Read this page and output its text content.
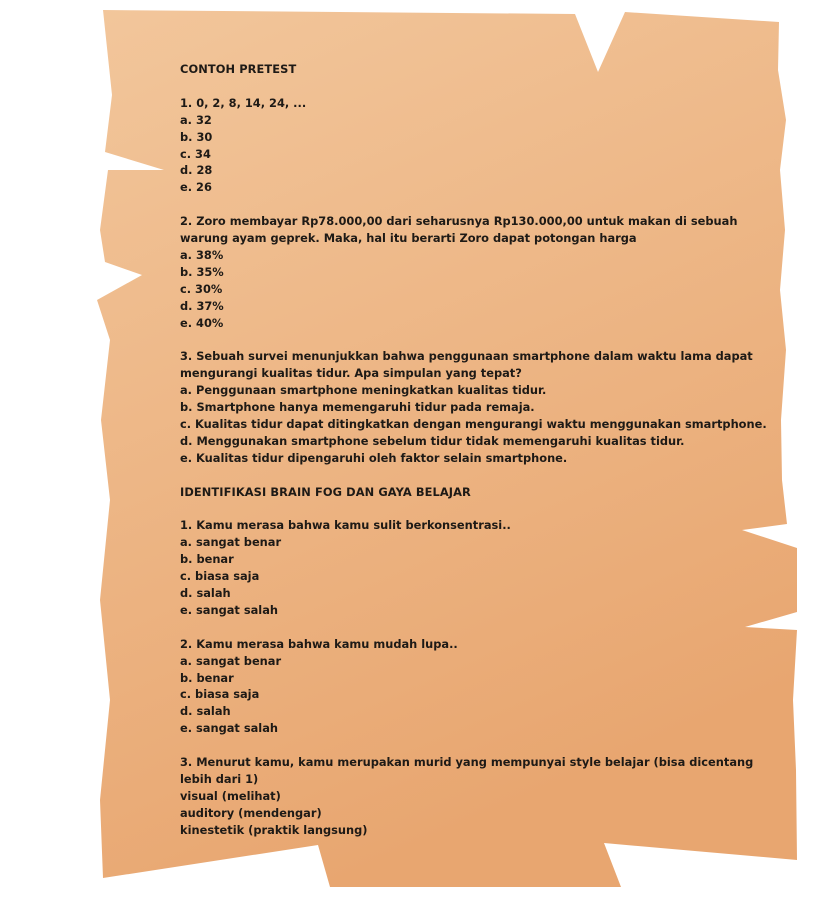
CONTOH PRETEST
1. 0, 2, 8, 14, 24, ...
a. 32
b. 30
c. 34
d. 28
e. 26
2. Zoro membayar Rp78.000,00 dari seharusnya Rp130.000,00 untuk makan di sebuah warung ayam geprek. Maka, hal itu berarti Zoro dapat potongan harga
a. 38%
b. 35%
c. 30%
d. 37%
e. 40%
3. Sebuah survei menunjukkan bahwa penggunaan smartphone dalam waktu lama dapat mengurangi kualitas tidur. Apa simpulan yang tepat?
a. Penggunaan smartphone meningkatkan kualitas tidur.
b. Smartphone hanya memengaruhi tidur pada remaja.
c. Kualitas tidur dapat ditingkatkan dengan mengurangi waktu menggunakan smartphone.
d. Menggunakan smartphone sebelum tidur tidak memengaruhi kualitas tidur.
e. Kualitas tidur dipengaruhi oleh faktor selain smartphone.
IDENTIFIKASI BRAIN FOG DAN GAYA BELAJAR
1. Kamu merasa bahwa kamu sulit berkonsentrasi..
a. sangat benar
b. benar
c. biasa saja
d. salah
e. sangat salah
2. Kamu merasa bahwa kamu mudah lupa..
a. sangat benar
b. benar
c. biasa saja
d. salah
e. sangat salah
3. Menurut kamu, kamu merupakan murid yang mempunyai style belajar (bisa dicentang lebih dari 1)
visual (melihat)
auditory (mendengar)
kinestetik (praktik langsung)
